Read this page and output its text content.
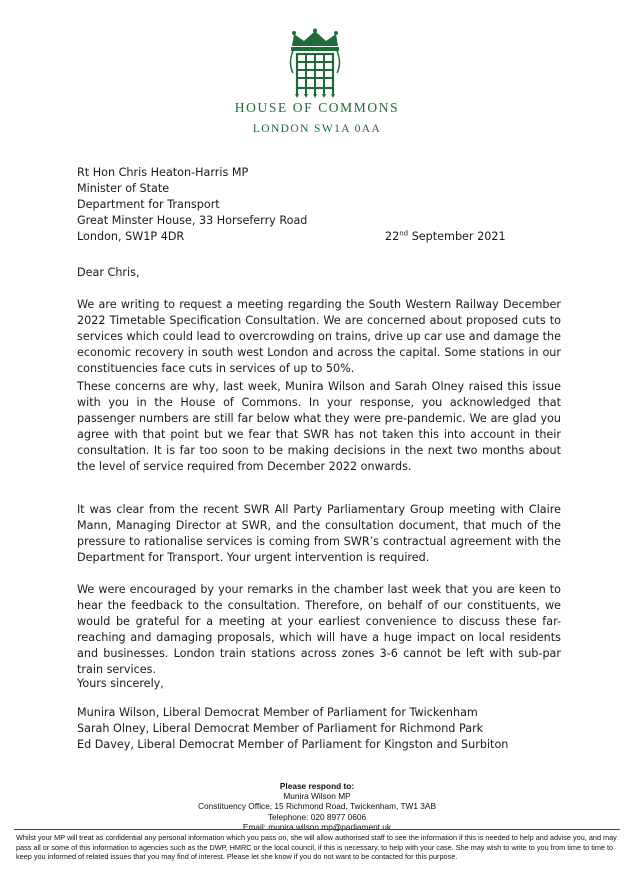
HOUSE OF COMMONS
LONDON SW1A 0AA
Rt Hon Chris Heaton-Harris MP
Minister of State
Department for Transport
Great Minster House, 33 Horseferry Road
London, SW1P 4DR	22nd September 2021
Dear Chris,
We are writing to request a meeting regarding the South Western Railway December 2022 Timetable Specification Consultation. We are concerned about proposed cuts to services which could lead to overcrowding on trains, drive up car use and damage the economic recovery in south west London and across the capital. Some stations in our constituencies face cuts in services of up to 50%.
These concerns are why, last week, Munira Wilson and Sarah Olney raised this issue with you in the House of Commons. In your response, you acknowledged that passenger numbers are still far below what they were pre-pandemic. We are glad you agree with that point but we fear that SWR has not taken this into account in their consultation. It is far too soon to be making decisions in the next two months about the level of service required from December 2022 onwards.
It was clear from the recent SWR All Party Parliamentary Group meeting with Claire Mann, Managing Director at SWR, and the consultation document, that much of the pressure to rationalise services is coming from SWR’s contractual agreement with the Department for Transport. Your urgent intervention is required.
We were encouraged by your remarks in the chamber last week that you are keen to hear the feedback to the consultation. Therefore, on behalf of our constituents, we would be grateful for a meeting at your earliest convenience to discuss these far-reaching and damaging proposals, which will have a huge impact on local residents and businesses. London train stations across zones 3-6 cannot be left with sub-par train services.
Yours sincerely,
Munira Wilson, Liberal Democrat Member of Parliament for Twickenham
Sarah Olney, Liberal Democrat Member of Parliament for Richmond Park
Ed Davey, Liberal Democrat Member of Parliament for Kingston and Surbiton
Please respond to:
Munira Wilson MP
Constituency Office, 15 Richmond Road, Twickenham, TW1 3AB
Telephone: 020 8977 0606
Email: munira.wilson.mp@parliament.uk
Whilst your MP will treat as confidential any personal information which you pass on, she will allow authorised staff to see the information if this is needed to help and advise you, and may pass all or some of this information to agencies such as the DWP, HMRC or the local council, if this is necessary, to help with your case. She may wish to write to you from time to time to keep you informed of related issues that you may find of interest. Please let she know if you do not want to be contacted for this purpose.
